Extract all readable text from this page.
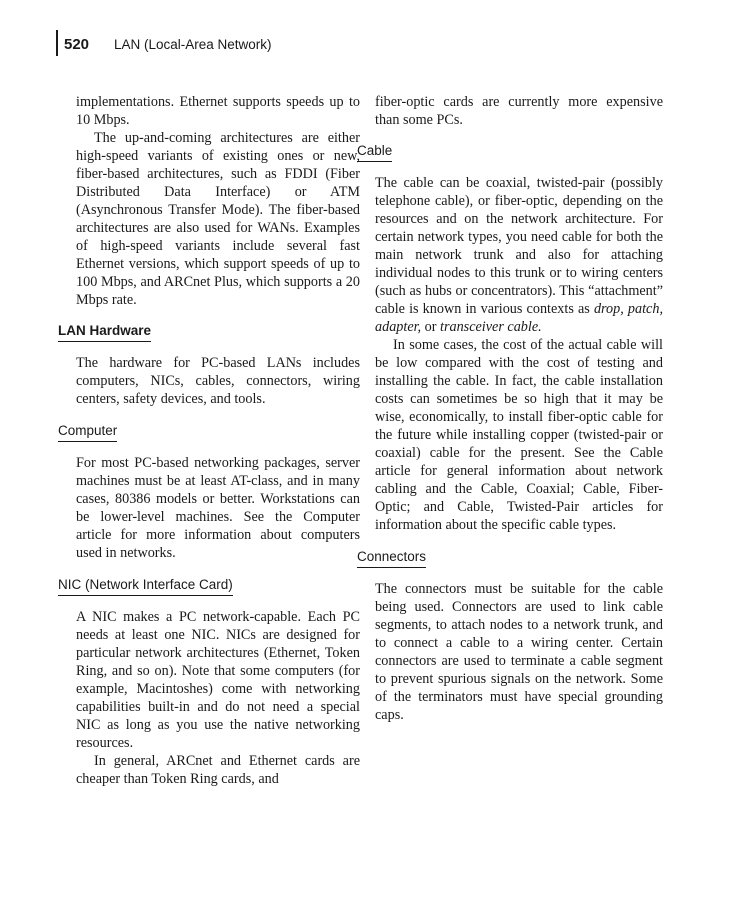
520 LAN (Local-Area Network)

implementations. Ethernet supports speeds up to 10 Mbps.

The up-and-coming architectures are either high-speed variants of existing ones or new, fiber-based architectures, such as FDDI (Fiber Distributed Data Interface) or ATM (Asynchronous Transfer Mode). The fiber-based architectures are also used for WANs. Examples of high-speed variants include several fast Ethernet versions, which support speeds of up to 100 Mbps, and ARCnet Plus, which supports a 20 Mbps rate.

LAN Hardware

The hardware for PC-based LANs includes computers, NICs, cables, connectors, wiring centers, safety devices, and tools.

Computer

For most PC-based networking packages, server machines must be at least AT-class, and in many cases, 80386 models or better. Workstations can be lower-level machines. See the Computer article for more information about computers used in networks.

NIC (Network Interface Card)

A NIC makes a PC network-capable. Each PC needs at least one NIC. NICs are designed for particular network architectures (Ethernet, Token Ring, and so on). Note that some computers (for example, Macintoshes) come with networking capabilities built-in and do not need a special NIC as long as you use the native networking resources.

In general, ARCnet and Ethernet cards are cheaper than Token Ring cards, and

fiber-optic cards are currently more expensive than some PCs.

Cable

The cable can be coaxial, twisted-pair (possibly telephone cable), or fiber-optic, depending on the resources and on the network architecture. For certain network types, you need cable for both the main network trunk and also for attaching individual nodes to this trunk or to wiring centers (such as hubs or concentrators). This “attachment” cable is known in various contexts as drop, patch, adapter, or transceiver cable.

In some cases, the cost of the actual cable will be low compared with the cost of testing and installing the cable. In fact, the cable installation costs can sometimes be so high that it may be wise, economically, to install fiber-optic cable for the future while installing copper (twisted-pair or coaxial) cable for the present. See the Cable article for general information about network cabling and the Cable, Coaxial; Cable, Fiber-Optic; and Cable, Twisted-Pair articles for information about the specific cable types.

Connectors

The connectors must be suitable for the cable being used. Connectors are used to link cable segments, to attach nodes to a network trunk, and to connect a cable to a wiring center. Certain connectors are used to terminate a cable segment to prevent spurious signals on the network. Some of the terminators must have special grounding caps.
